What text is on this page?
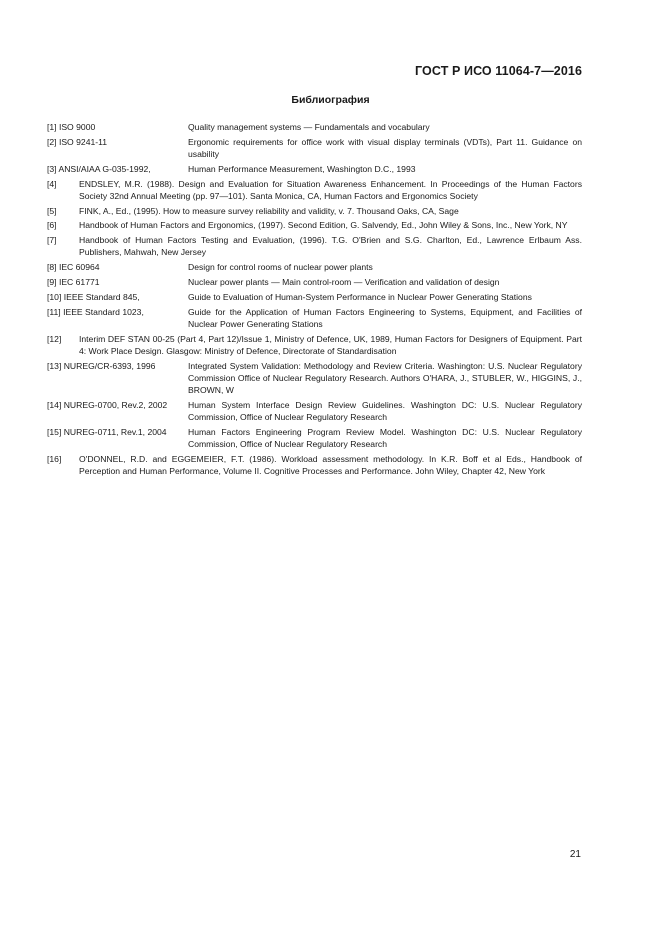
ГОСТ Р ИСО 11064-7—2016
Библиография
[1] ISO 9000	Quality management systems — Fundamentals and vocabulary
[2] ISO 9241-11	Ergonomic requirements for office work with visual display terminals (VDTs), Part 11. Guidance on usability
[3] ANSI/AIAA G-035-1992,	Human Performance Measurement, Washington D.C., 1993
[4]	ENDSLEY, M.R. (1988). Design and Evaluation for Situation Awareness Enhancement. In Proceedings of the Human Factors Society 32nd Annual Meeting (pp. 97—101). Santa Monica, CA, Human Factors and Ergonomics Society
[5]	FINK, A., Ed., (1995). How to measure survey reliability and validity, v. 7. Thousand Oaks, CA, Sage
[6]	Handbook of Human Factors and Ergonomics, (1997). Second Edition, G. Salvendy, Ed., John Wiley & Sons, Inc., New York, NY
[7]	Handbook of Human Factors Testing and Evaluation, (1996). T.G. O'Brien and S.G. Charlton, Ed., Lawrence Erlbaum Ass. Publishers, Mahwah, New Jersey
[8] IEC 60964	Design for control rooms of nuclear power plants
[9] IEC 61771	Nuclear power plants — Main control-room — Verification and validation of design
[10] IEEE Standard 845,	Guide to Evaluation of Human-System Performance in Nuclear Power Generating Stations
[11] IEEE Standard 1023,	Guide for the Application of Human Factors Engineering to Systems, Equipment, and Facilities of Nuclear Power Generating Stations
[12]	Interim DEF STAN 00-25 (Part 4, Part 12)/Issue 1, Ministry of Defence, UK, 1989, Human Factors for Designers of Equipment. Part 4: Work Place Design. Glasgow: Ministry of Defence, Directorate of Standardisation
[13] NUREG/CR-6393, 1996	Integrated System Validation: Methodology and Review Criteria. Washington: U.S. Nuclear Regulatory Commission Office of Nuclear Regulatory Research. Authors O'HARA, J., STUBLER, W., HIGGINS, J., BROWN, W
[14] NUREG-0700, Rev.2, 2002	Human System Interface Design Review Guidelines. Washington DC: U.S. Nuclear Regulatory Commission, Office of Nuclear Regulatory Research
[15] NUREG-0711, Rev.1, 2004	Human Factors Engineering Program Review Model. Washington DC: U.S. Nuclear Regulatory Commission, Office of Nuclear Regulatory Research
[16]	O'DONNEL, R.D. and EGGEMEIER, F.T. (1986). Workload assessment methodology. In K.R. Boff et al Eds., Handbook of Perception and Human Performance, Volume II. Cognitive Processes and Performance. John Wiley, Chapter 42, New York
21
